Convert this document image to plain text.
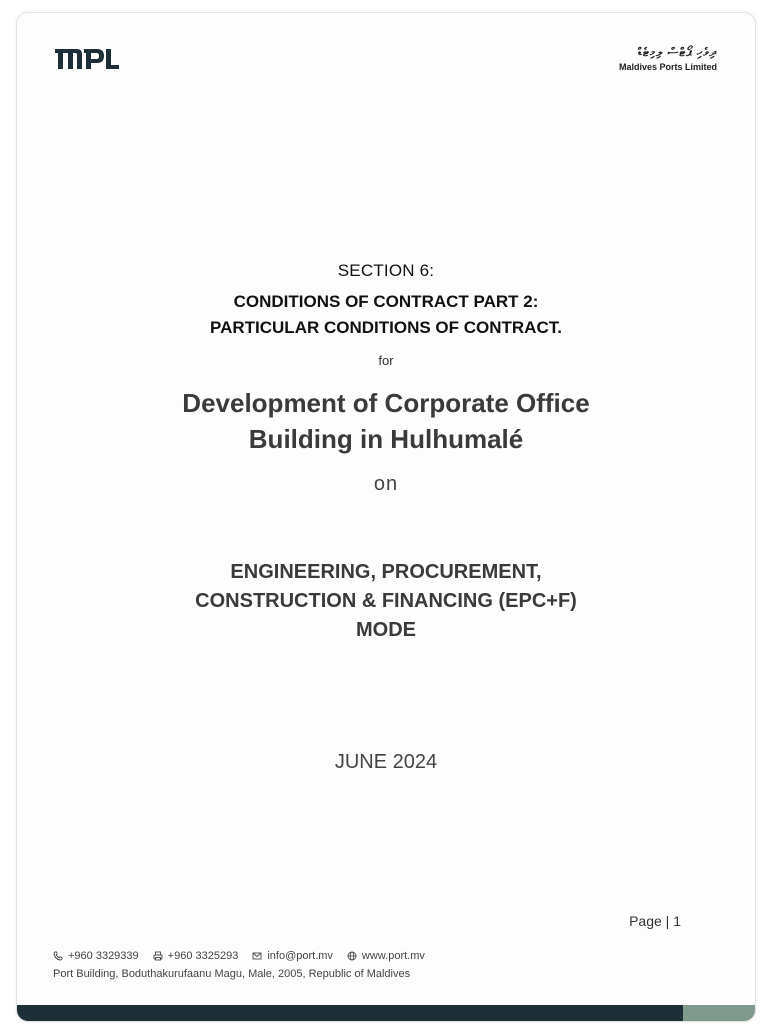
ދިވެހި ޕޯޓްސް ލިމިޓެޑް
Maldives Ports Limited
SECTION 6:
CONDITIONS OF CONTRACT PART 2:
PARTICULAR CONDITIONS OF CONTRACT.
for
Development of Corporate Office
Building in Hulhumalé
on
ENGINEERING, PROCUREMENT,
CONSTRUCTION & FINANCING (EPC+F)
MODE
JUNE 2024
Page | 1
+960 3329339	+960 3325293	info@port.mv	www.port.mv
Port Building, Boduthakurufaanu Magu, Male, 2005, Republic of Maldives
